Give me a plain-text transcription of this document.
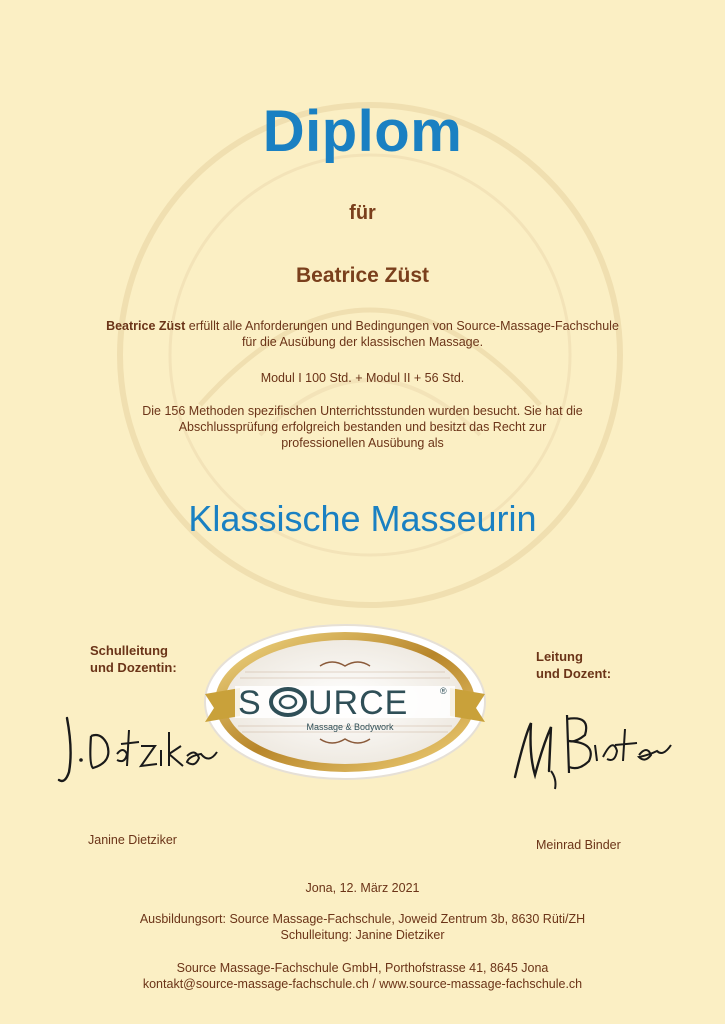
Diplom
für
Beatrice Züst
Beatrice Züst erfüllt alle Anforderungen und Bedingungen von Source-Massage-Fachschule
für die Ausübung der klassischen Massage.
Modul I 100 Std. + Modul II + 56 Std.
Die 156 Methoden spezifischen Unterrichtsstunden wurden besucht. Sie hat die
Abschlussprüfung erfolgreich bestanden und besitzt das Recht zur
professionellen Ausübung als
Klassische Masseurin
Schulleitung
und Dozentin:
Leitung
und Dozent:
S URCE	®
Massage & Bodywork
Janine Dietziker	Meinrad Binder
Jona, 12. März 2021
Ausbildungsort: Source Massage-Fachschule, Joweid Zentrum 3b, 8630 Rüti/ZH
Schulleitung: Janine Dietziker
Source Massage-Fachschule GmbH, Porthofstrasse 41, 8645 Jona
kontakt@source-massage-fachschule.ch / www.source-massage-fachschule.ch
